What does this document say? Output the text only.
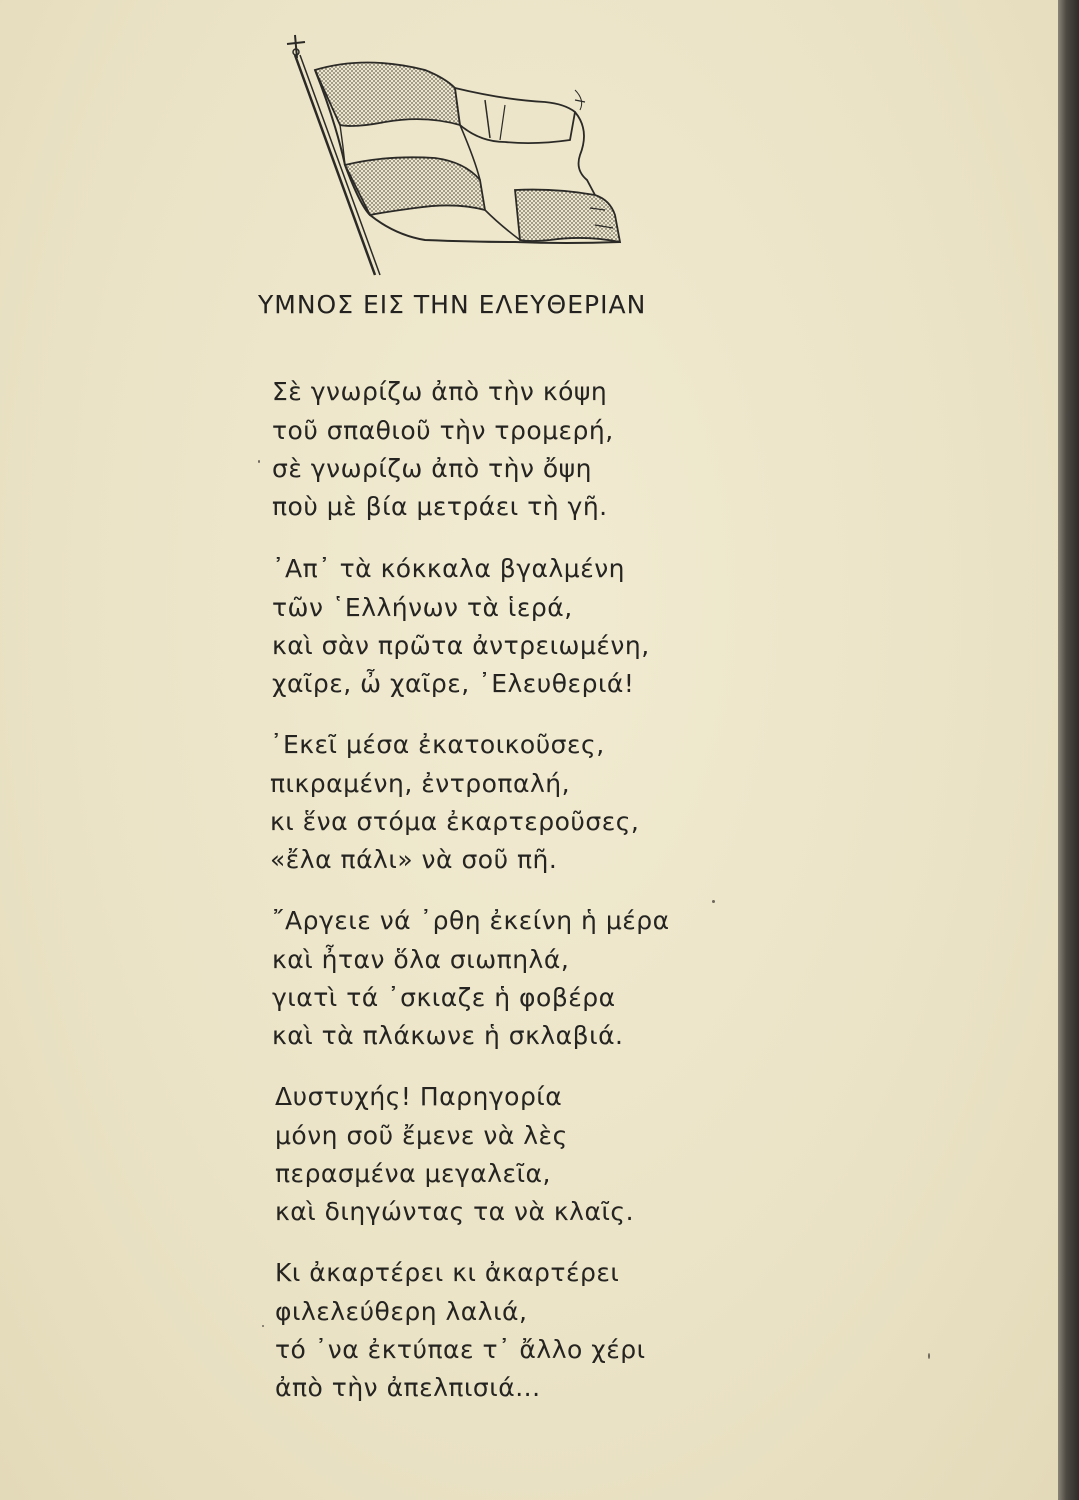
ΥΜΝΟΣ ΕΙΣ ΤΗΝ ΕΛΕΥΘΕΡΙΑΝ
Σὲ γνωρίζω ἀπὸ τὴν κόψη
τοῦ σπαθιοῦ τὴν τρομερή,
σὲ γνωρίζω ἀπὸ τὴν ὄψη
ποὺ μὲ βία μετράει τὴ γῆ.
᾿Απ᾿ τὰ κόκκαλα βγαλμένη
τῶν ῾Ελλήνων τὰ ἱερά,
καὶ σὰν πρῶτα ἀντρειωμένη,
χαῖρε, ὦ χαῖρε, ᾿Ελευθεριά!
᾿Εκεῖ μέσα ἐκατοικοῦσες,
πικραμένη, ἐντροπαλή,
κι ἕνα στόμα ἐκαρτεροῦσες,
«ἔλα πάλι» νὰ σοῦ πῆ.
῎Αργειε νά ᾿ρθη ἐκείνη ἡ μέρα
καὶ ἦταν ὅλα σιωπηλά,
γιατὶ τά ᾿σκιαζε ἡ φοβέρα
καὶ τὰ πλάκωνε ἡ σκλαβιά.
Δυστυχής! Παρηγορία
μόνη σοῦ ἔμενε νὰ λὲς
περασμένα μεγαλεῖα,
καὶ διηγώντας τα νὰ κλαῖς.
Κι ἀκαρτέρει κι ἀκαρτέρει
φιλελεύθερη λαλιά,
τό ᾿να ἐκτύπαε τ᾿ ἄλλο χέρι
ἀπὸ τὴν ἀπελπισιά...
